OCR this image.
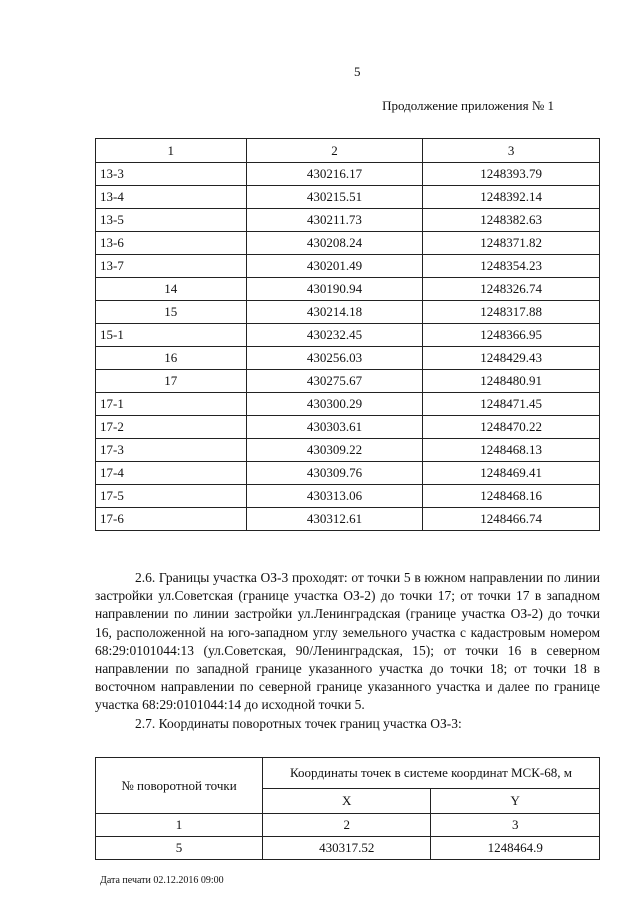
5
Продолжение приложения № 1
1	2	3
13-3	430216.17	1248393.79
13-4	430215.51	1248392.14
13-5	430211.73	1248382.63
13-6	430208.24	1248371.82
13-7	430201.49	1248354.23
14	430190.94	1248326.74
15	430214.18	1248317.88
15-1	430232.45	1248366.95
16	430256.03	1248429.43
17	430275.67	1248480.91
17-1	430300.29	1248471.45
17-2	430303.61	1248470.22
17-3	430309.22	1248468.13
17-4	430309.76	1248469.41
17-5	430313.06	1248468.16
17-6	430312.61	1248466.74

2.6. Границы участка ОЗ-3 проходят: от точки 5 в южном направлении по линии застройки ул.Советская (границе участка ОЗ-2) до точки 17; от точки 17 в западном направлении по линии застройки ул.Ленинградская (границе участка ОЗ-2) до точки 16, расположенной на юго-западном углу земельного участка с кадастровым номером 68:29:0101044:13 (ул.Советская, 90/Ленинградская, 15); от точки 16 в северном направлении по западной границе указанного участка до точки 18; от точки 18 в восточном направлении по северной границе указанного участка и далее по границе участка 68:29:0101044:14 до исходной точки 5.

2.7. Координаты поворотных точек границ участка ОЗ-3:

№ поворотной точки	Координаты точек в системе координат МСК-68, м	
	X	Y
1	2	3
5	430317.52	1248464.9
Дата печати 02.12.2016 09:00
